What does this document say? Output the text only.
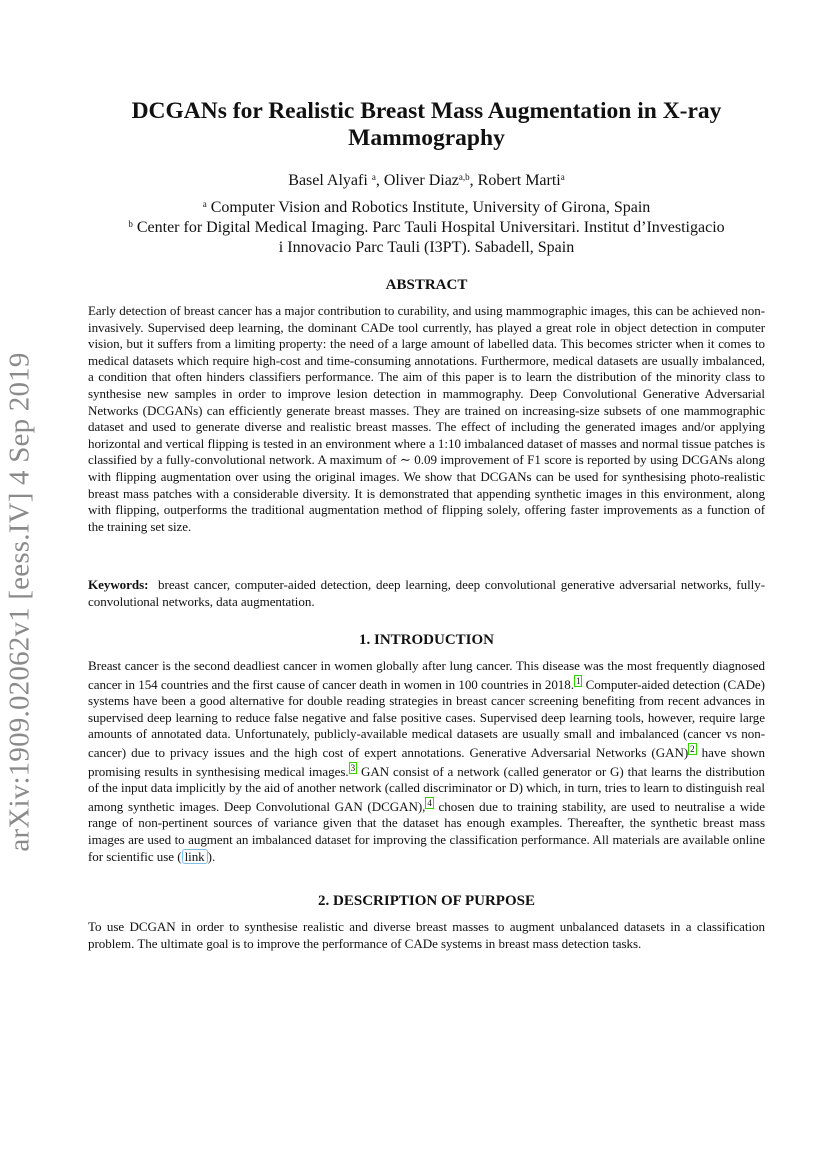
arXiv:1909.02062v1 [eess.IV] 4 Sep 2019
DCGANs for Realistic Breast Mass Augmentation in X-ray Mammography
Basel Alyafi $^a$, Oliver Diaz$^{a,b}$, Robert Marti$^a$
$^a$ Computer Vision and Robotics Institute, University of Girona, Spain
$^b$ Center for Digital Medical Imaging. Parc Tauli Hospital Universitari. Institut d’Investigacio
i Innovacio Parc Tauli (I3PT). Sabadell, Spain
ABSTRACT

Early detection of breast cancer has a major contribution to curability, and using mammographic images, this can be achieved non-invasively. Supervised deep learning, the dominant CADe tool currently, has played a great role in object detection in computer vision, but it suffers from a limiting property: the need of a large amount of labelled data. This becomes stricter when it comes to medical datasets which require high-cost and time-consuming annotations. Furthermore, medical datasets are usually imbalanced, a condition that often hinders classifiers performance. The aim of this paper is to learn the distribution of the minority class to synthesise new samples in order to improve lesion detection in mammography. Deep Convolutional Generative Adversarial Networks (DCGANs) can efficiently generate breast masses. They are trained on increasing-size subsets of one mammographic dataset and used to generate diverse and realistic breast masses. The effect of including the generated images and/or applying horizontal and vertical flipping is tested in an environment where a 1:10 imbalanced dataset of masses and normal tissue patches is classified by a fully-convolutional network. A maximum of ∼ 0.09 improvement of F1 score is reported by using DCGANs along with flipping augmentation over using the original images. We show that DCGANs can be used for synthesising photo-realistic breast mass patches with a considerable diversity. It is demonstrated that appending synthetic images in this environment, along with flipping, outperforms the traditional augmentation method of flipping solely, offering faster improvements as a function of the training set size.

Keywords: breast cancer, computer-aided detection, deep learning, deep convolutional generative adversarial networks, fully-convolutional networks, data augmentation.

1. INTRODUCTION

Breast cancer is the second deadliest cancer in women globally after lung cancer. This disease was the most frequently diagnosed cancer in 154 countries and the first cause of cancer death in women in 100 countries in 2018. $^1$ Computer-aided detection (CADe) systems have been a good alternative for double reading strategies in breast cancer screening benefiting from recent advances in supervised deep learning to reduce false negative and false positive cases. Supervised deep learning tools, however, require large amounts of annotated data. Unfortunately, publicly-available medical datasets are usually small and imbalanced (cancer vs non-cancer) due to privacy issues and the high cost of expert annotations. Generative Adversarial Networks (GAN) $^2$ have shown promising results in synthesising medical images. $^3$ GAN consist of a network (called generator or G) that learns the distribution of the input data implicitly by the aid of another network (called discriminator or D) which, in turn, tries to learn to distinguish real among synthetic images. Deep Convolutional GAN (DCGAN), $^4$ chosen due to training stability, are used to neutralise a wide range of non-pertinent sources of variance given that the dataset has enough examples. Thereafter, the synthetic breast mass images are used to augment an imbalanced dataset for improving the classification performance. All materials are available online for scientific use ( link ).

2. DESCRIPTION OF PURPOSE

To use DCGAN in order to synthesise realistic and diverse breast masses to augment unbalanced datasets in a classification problem. The ultimate goal is to improve the performance of CADe systems in breast mass detection tasks.
